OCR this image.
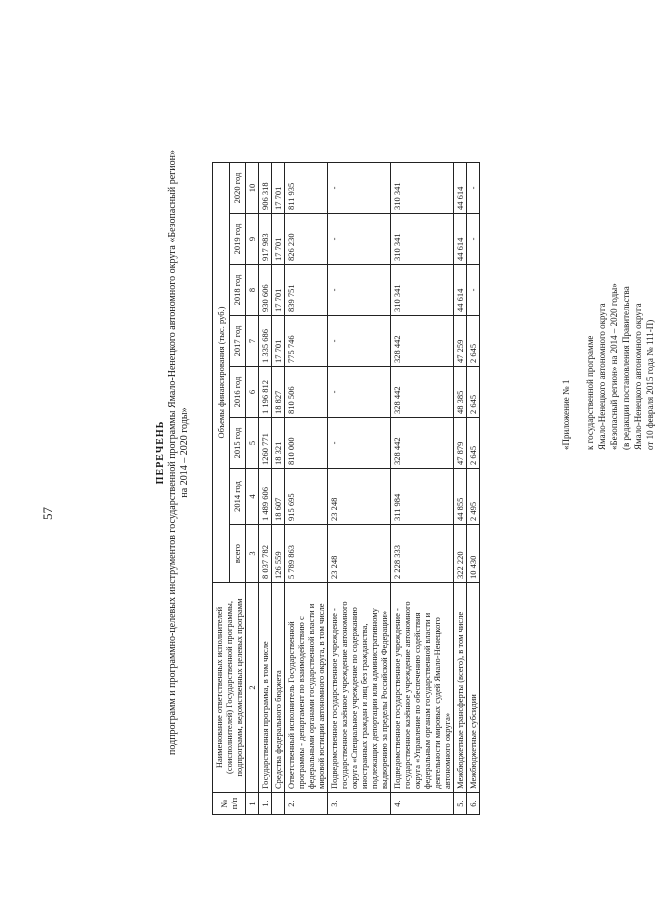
57
«Приложение № 1 к государственной программе Ямало-Ненецкого автономного округа «Безопасный регион» на 2014 – 2020 годы» (в редакции постановления Правительства Ямало-Ненецкого автономного округа от 10 февраля 2015 года № 111-П)
ПЕРЕЧЕНЬ подпрограмм и программно-целевых инструментов государственной программы Ямало-Ненецкого автономного округа «Безопасный регион» на 2014 – 2020 годы»
№ п/п	Наименование ответственных исполнителей (соисполнителей) Государственной программы, подпрограмм, ведомственных целевых программ	Объемы финансирования (тыс. руб.)							
		всего	2014 год	2015 год	2016 год	2017 год	2018 год	2019 год	2020 год
1	2	3	4	5	6	7	8	9	10
1.	Государственная программа, в том числе	8 037 782	1 489 606	1260 771	1 196 812	1 335 686	930 606	917 983	906 318
	Средства федерального бюджета	126 559	18 607	18 321	18 827	17 701	17 701	17 701	17 701
2.	Ответственный исполнитель Государственной программы - департамент по взаимодействию с федеральными органами государственной власти и мировой юстиции автономного округа, в том числе	5 789 863	915 695	810 000	810 506	775 746	839 751	826 230	811 935
3.	Подведомственное государственное учреждение - государственное казённое учреждение автономного округа «Специальное учреждение по содержанию иностранных граждан и лиц без гражданства, подлежащих депортации или административному выдворению за пределы Российской Федерации»	23 248	23 248	-	-	-	-	-	-
4.	Подведомственное государственное учреждение - государственное казённое учреждение автономного округа «Управление по обеспечению содействия федеральным органам государственной власти и деятельности мировых судей Ямало-Ненецкого автономного округа»	2 228 333	311 984	328 442	328 442	328 442	310 341	310 341	310 341
5.	Межбюджетные трансферты (всего), в том числе	322 220	44 855	47 879	48 385	47 259	44 614	44 614	44 614
6.	Межбюджетные субсидии	10 430	2 495	2 645	2 645	2 645	-	-	-
